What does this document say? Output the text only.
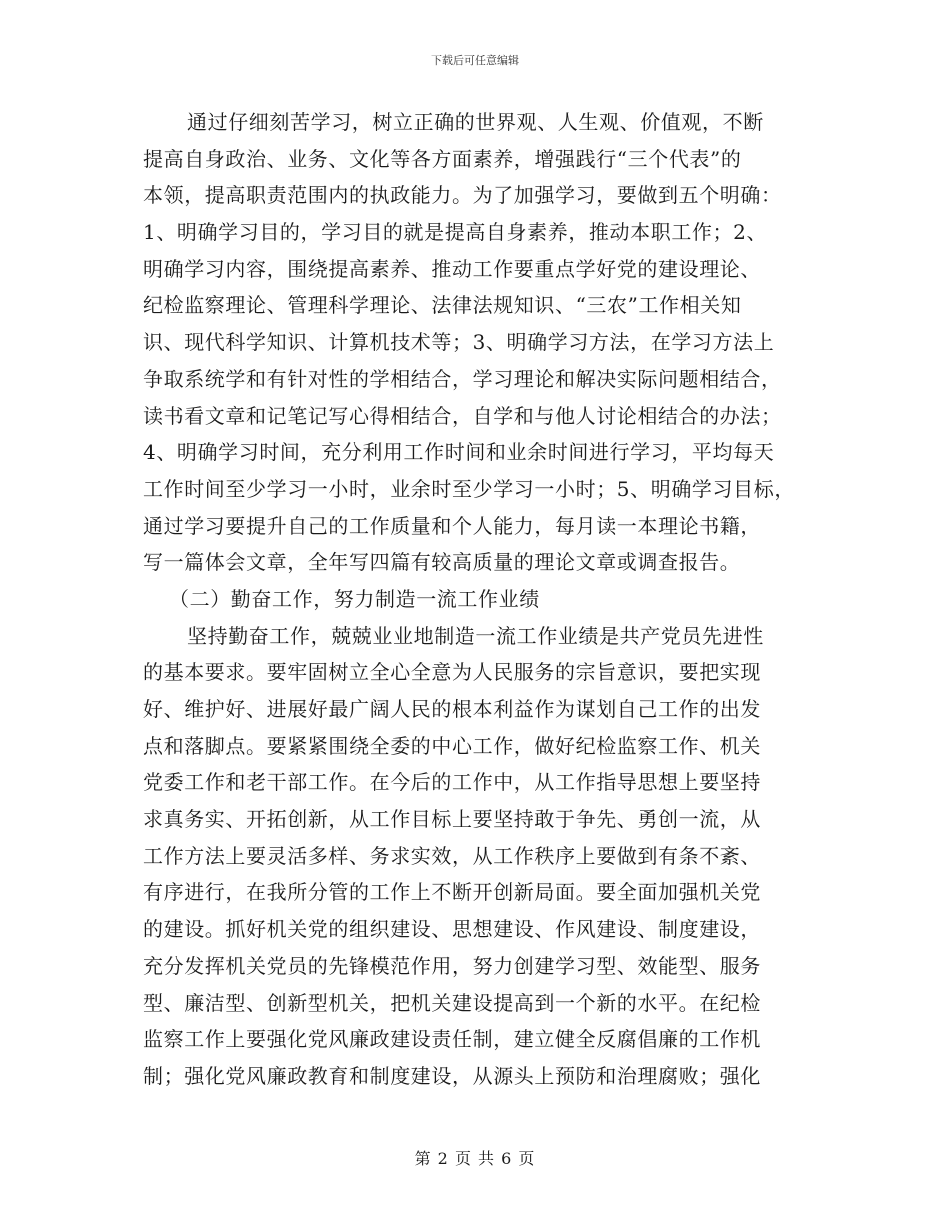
下载后可任意编辑
通过仔细刻苦学习，树立正确的世界观、人生观、价值观，不断
提高自身政治、业务、文化等各方面素养，增强践行“三个代表”的
本领，提高职责范围内的执政能力。为了加强学习，要做到五个明确：
1、明确学习目的，学习目的就是提高自身素养，推动本职工作；2、
明确学习内容，围绕提高素养、推动工作要重点学好党的建设理论、
纪检监察理论、管理科学理论、法律法规知识、“三农”工作相关知
识、现代科学知识、计算机技术等；3、明确学习方法，在学习方法上
争取系统学和有针对性的学相结合，学习理论和解决实际问题相结合，
读书看文章和记笔记写心得相结合，自学和与他人讨论相结合的办法；
4、明确学习时间，充分利用工作时间和业余时间进行学习，平均每天
工作时间至少学习一小时，业余时至少学习一小时；5、明确学习目标，
通过学习要提升自己的工作质量和个人能力，每月读一本理论书籍，
写一篇体会文章，全年写四篇有较高质量的理论文章或调查报告。
（二）勤奋工作，努力制造一流工作业绩
坚持勤奋工作，兢兢业业地制造一流工作业绩是共产党员先进性
的基本要求。要牢固树立全心全意为人民服务的宗旨意识，要把实现
好、维护好、进展好最广阔人民的根本利益作为谋划自己工作的出发
点和落脚点。要紧紧围绕全委的中心工作，做好纪检监察工作、机关
党委工作和老干部工作。在今后的工作中，从工作指导思想上要坚持
求真务实、开拓创新，从工作目标上要坚持敢于争先、勇创一流，从
工作方法上要灵活多样、务求实效，从工作秩序上要做到有条不紊、
有序进行，在我所分管的工作上不断开创新局面。要全面加强机关党
的建设。抓好机关党的组织建设、思想建设、作风建设、制度建设，
充分发挥机关党员的先锋模范作用，努力创建学习型、效能型、服务
型、廉洁型、创新型机关，把机关建设提高到一个新的水平。在纪检
监察工作上要强化党风廉政建设责任制，建立健全反腐倡廉的工作机
制；强化党风廉政教育和制度建设，从源头上预防和治理腐败；强化
第 2 页 共 6 页
